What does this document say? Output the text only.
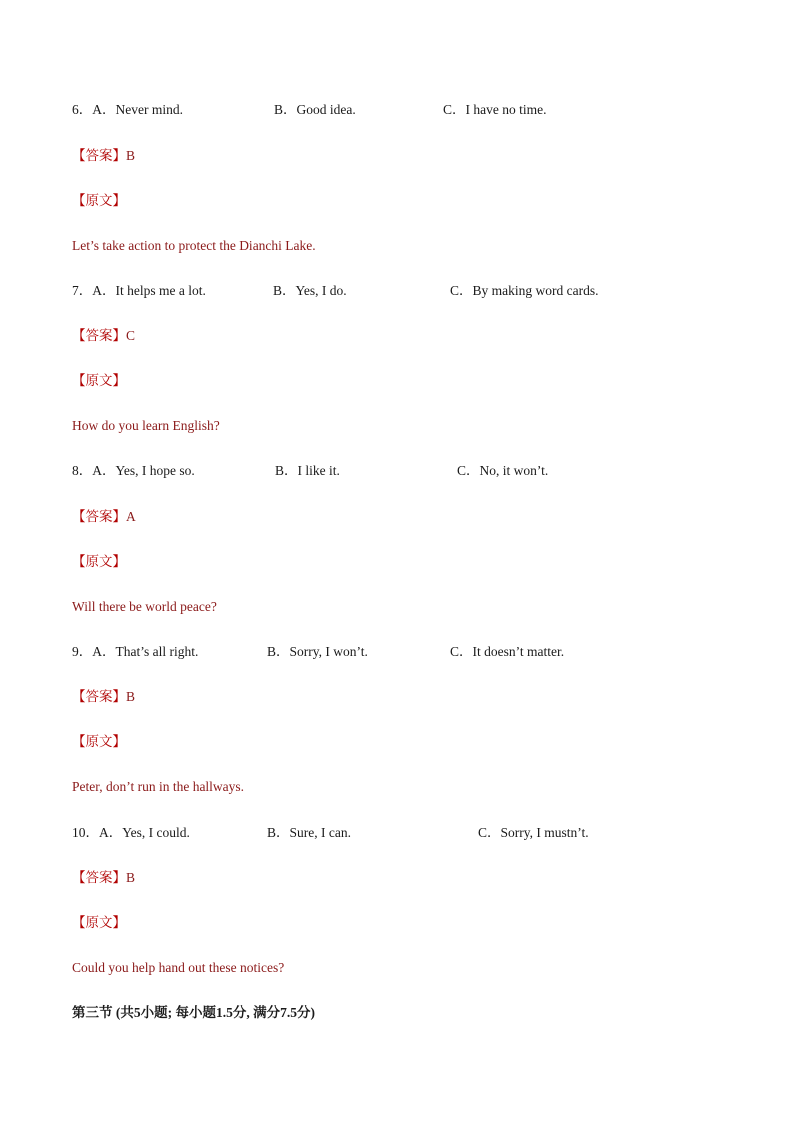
6．A．Never mind.	B．Good idea.	C．I have no time.
【答案】B
【原文】
Let’s take action to protect the Dianchi Lake.
7．A．It helps me a lot.	B．Yes, I do.	C．By making word cards.
【答案】C
【原文】
How do you learn English?
8．A．Yes, I hope so.	B．I like it.	C．No, it won’t.
【答案】A
【原文】
Will there be world peace?
9．A．That’s all right.	B．Sorry, I won’t.	C．It doesn’t matter.
【答案】B
【原文】
Peter, don’t run in the hallways.
10．A．Yes, I could.	B．Sure, I can.	C．Sorry, I mustn’t.
【答案】B
【原文】
Could you help hand out these notices?
第三节 (共5小题; 每小题1.5分, 满分7.5分)
